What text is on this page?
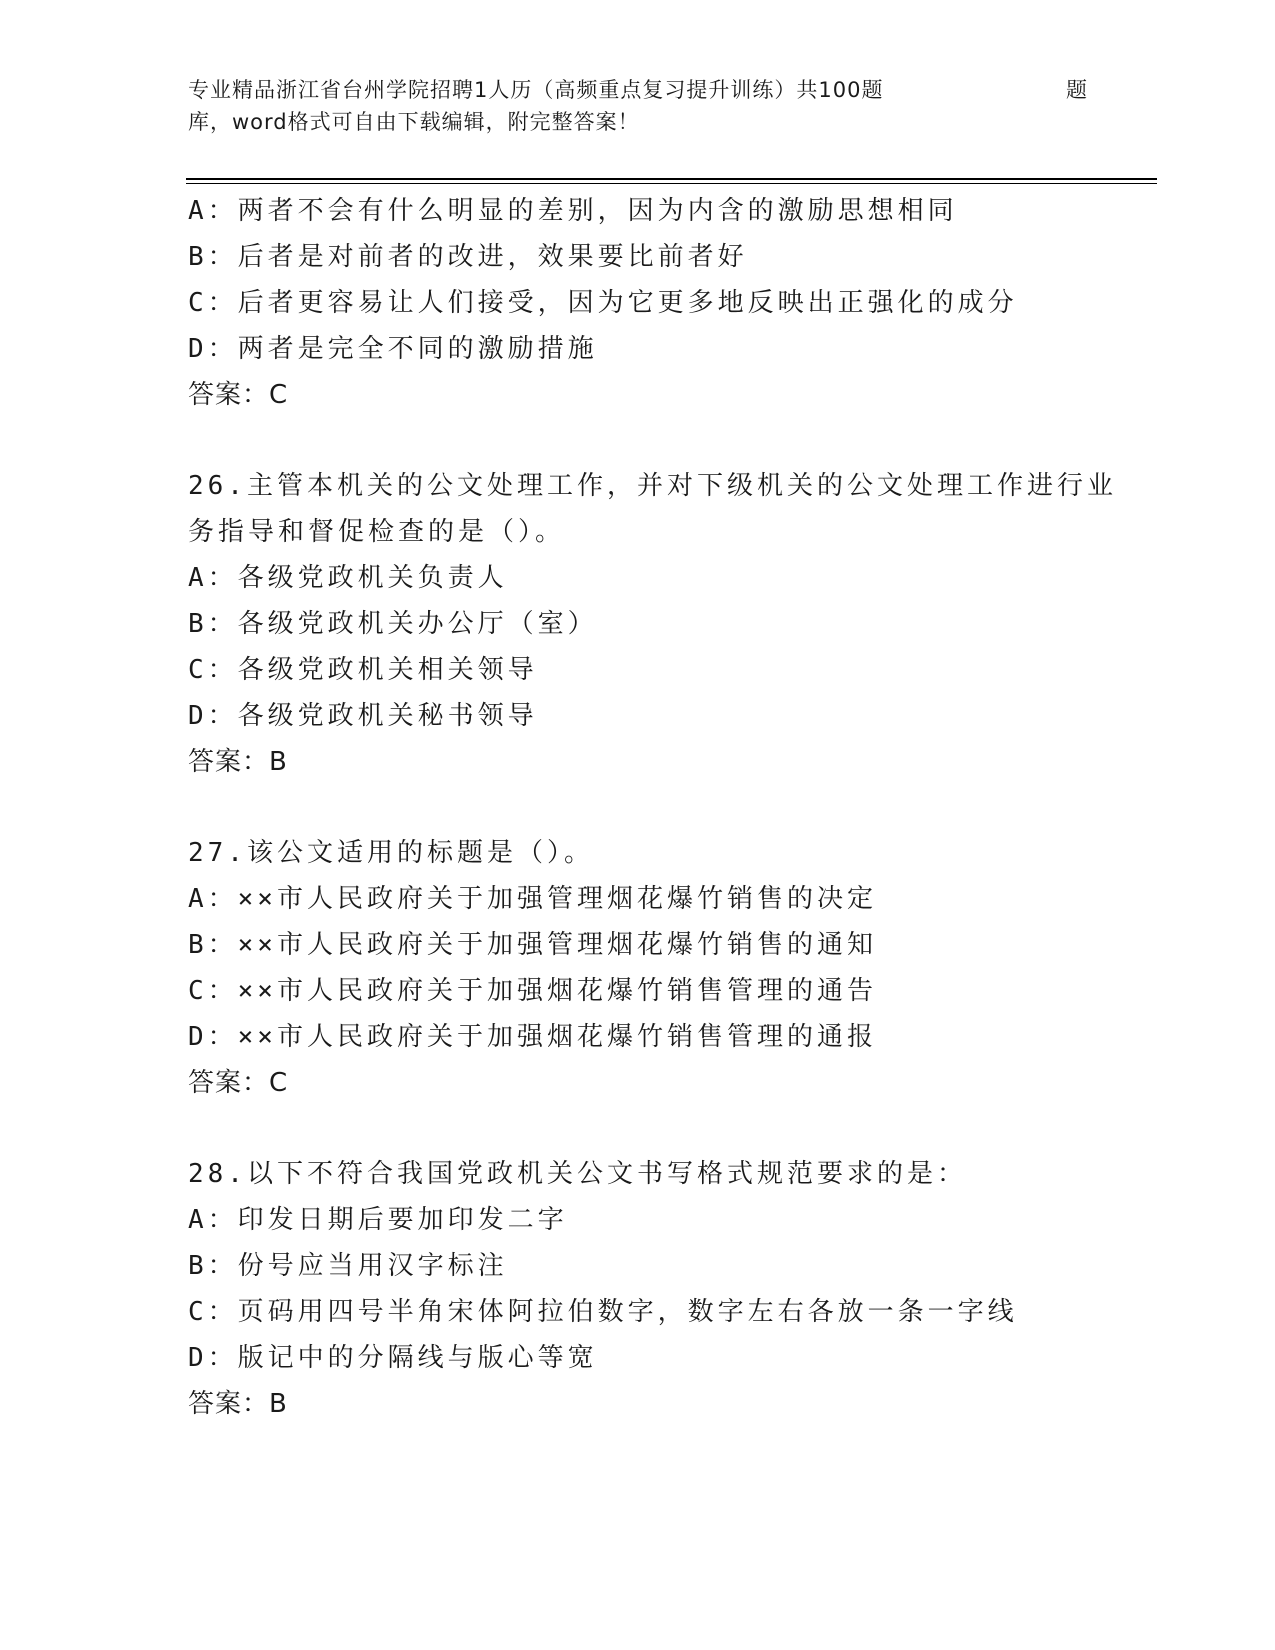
专业精品浙江省台州学院招聘1人历（高频重点复习提升训练）共100题	题
库，word格式可自由下载编辑，附完整答案！
A：两者不会有什么明显的差别，因为内含的激励思想相同
B：后者是对前者的改进，效果要比前者好
C：后者更容易让人们接受，因为它更多地反映出正强化的成分
D：两者是完全不同的激励措施
答案：C
26.主管本机关的公文处理工作，并对下级机关的公文处理工作进行业
务指导和督促检查的是（）。
A：各级党政机关负责人
B：各级党政机关办公厅（室）
C：各级党政机关相关领导
D：各级党政机关秘书领导
答案：B
27.该公文适用的标题是（）。
A：××市人民政府关于加强管理烟花爆竹销售的决定
B：××市人民政府关于加强管理烟花爆竹销售的通知
C：××市人民政府关于加强烟花爆竹销售管理的通告
D：××市人民政府关于加强烟花爆竹销售管理的通报
答案：C
28.以下不符合我国党政机关公文书写格式规范要求的是：
A：印发日期后要加印发二字
B：份号应当用汉字标注
C：页码用四号半角宋体阿拉伯数字，数字左右各放一条一字线
D：版记中的分隔线与版心等宽
答案：B
